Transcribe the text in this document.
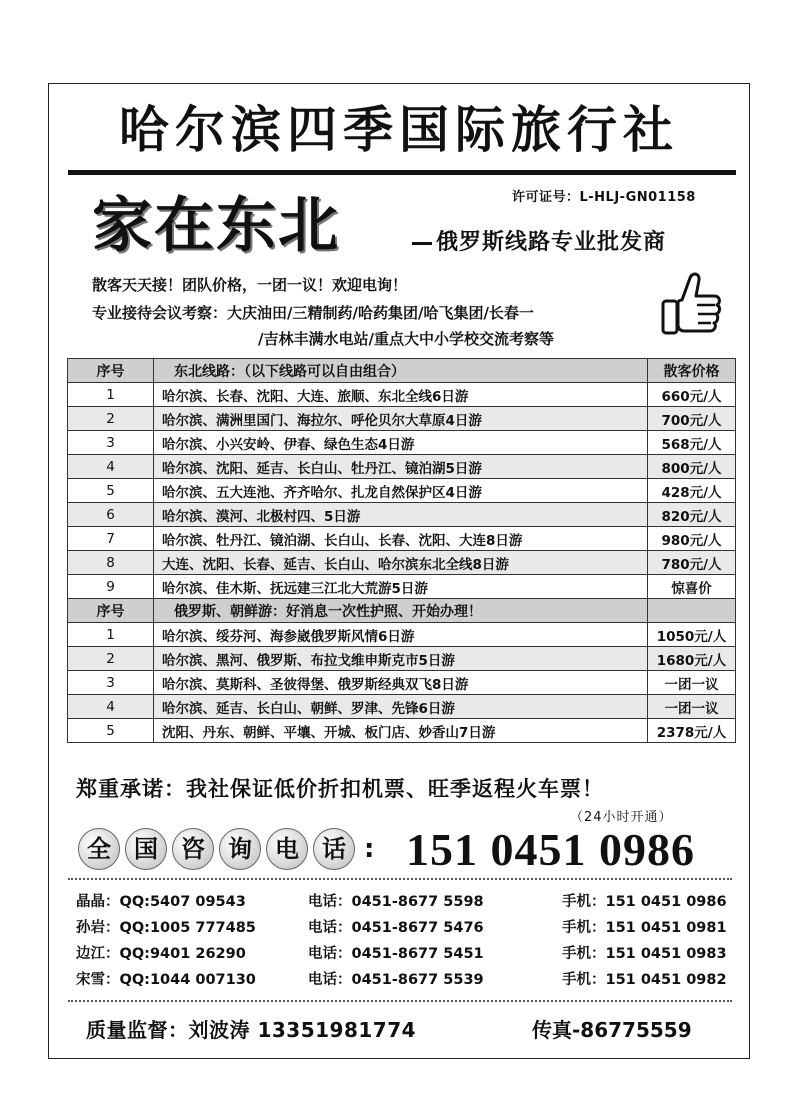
哈尔滨四季国际旅行社
许可证号：L-HLJ-GN01158
家在东北	俄罗斯线路专业批发商
散客天天接！团队价格，一团一议！欢迎电询！
专业接待会议考察：大庆油田/三精制药/哈药集团/哈飞集团/长春一
/吉林丰满水电站/重点大中小学校交流考察等
序号	东北线路：（以下线路可以自由组合）	散客价格
1	哈尔滨、长春、沈阳、大连、旅顺、东北全线6日游	660元/人
2	哈尔滨、满洲里国门、海拉尔、呼伦贝尔大草原4日游	700元/人
3	哈尔滨、小兴安岭、伊春、绿色生态4日游	568元/人
4	哈尔滨、沈阳、延吉、长白山、牡丹江、镜泊湖5日游	800元/人
5	哈尔滨、五大连池、齐齐哈尔、扎龙自然保护区4日游	428元/人
6	哈尔滨、漠河、北极村四、5日游	820元/人
7	哈尔滨、牡丹江、镜泊湖、长白山、长春、沈阳、大连8日游	980元/人
8	大连、沈阳、长春、延吉、长白山、哈尔滨东北全线8日游	780元/人
9	哈尔滨、佳木斯、抚远建三江北大荒游5日游	惊喜价
序号	俄罗斯、朝鲜游：好消息一次性护照、开始办理！	
1	哈尔滨、绥芬河、海参崴俄罗斯风情6日游	1050元/人
2	哈尔滨、黑河、俄罗斯、布拉戈维申斯克市5日游	1680元/人
3	哈尔滨、莫斯科、圣彼得堡、俄罗斯经典双飞8日游	一团一议
4	哈尔滨、延吉、长白山、朝鲜、罗津、先锋6日游	一团一议
5	沈阳、丹东、朝鲜、平壤、开城、板门店、妙香山7日游	2378元/人
郑重承诺：我社保证低价折扣机票、旺季返程火车票！
（24小时开通）
全 国 咨 询 电 话 : 151 0451 0986
晶晶：QQ:5407 09543	电话：0451-8677 5598	手机：151 0451 0986
孙岩：QQ:1005 777485	电话：0451-8677 5476	手机：151 0451 0981
边江：QQ:9401 26290	电话：0451-8677 5451	手机：151 0451 0983
宋雪：QQ:1044 007130	电话：0451-8677 5539	手机：151 0451 0982
质量监督：刘波涛 13351981774	传真-86775559
